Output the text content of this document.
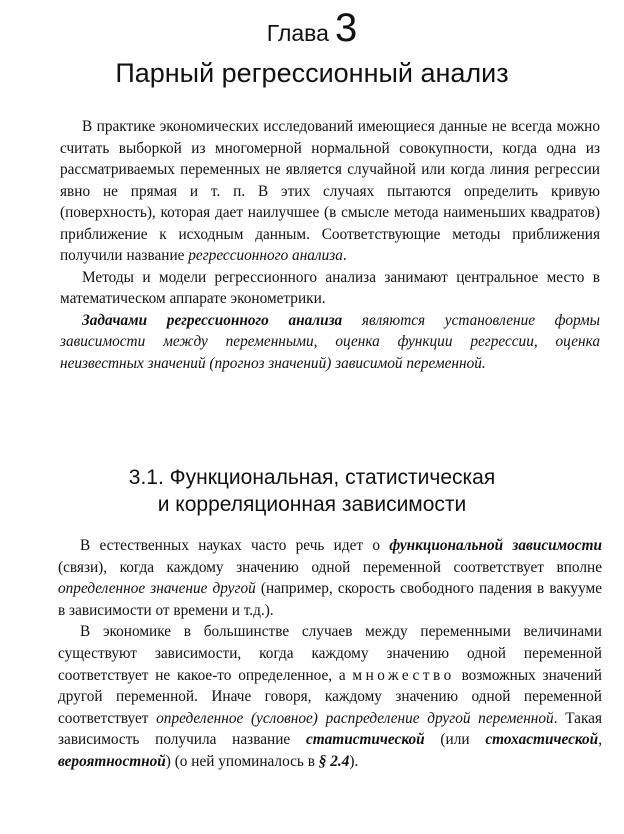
Глава 3
Парный регрессионный анализ

В практике экономических исследований имеющиеся данные не всегда можно считать выборкой из многомерной нормальной совокупности, когда одна из рассматриваемых переменных не является случайной или когда линия регрессии явно не прямая и т. п. В этих случаях пытаются определить кривую (поверхность), которая дает наилучшее (в смысле метода наименьших квадратов) приближение к исходным данным. Соответствующие методы приближения получили название регрессионного анализа.

Методы и модели регрессионного анализа занимают центральное место в математическом аппарате эконометрики.

Задачами регрессионного анализа являются установление формы зависимости между переменными, оценка функции регрессии, оценка неизвестных значений (прогноз значений) зависимой переменной.

3.1. Функциональная, статистическая
и корреляционная зависимости

В естественных науках часто речь идет о функциональной зависимости (связи), когда каждому значению одной переменной соответствует вполне определенное значение другой (например, скорость свободного падения в вакууме в зависимости от времени и т.д.).

В экономике в большинстве случаев между переменными величинами существуют зависимости, когда каждому значению одной переменной соответствует не какое-то определенное, а множество возможных значений другой переменной. Иначе говоря, каждому значению одной переменной соответствует определенное (условное) распределение другой переменной. Такая зависимость получила название статистической (или стохастической, вероятностной) (о ней упоминалось в § 2.4).
